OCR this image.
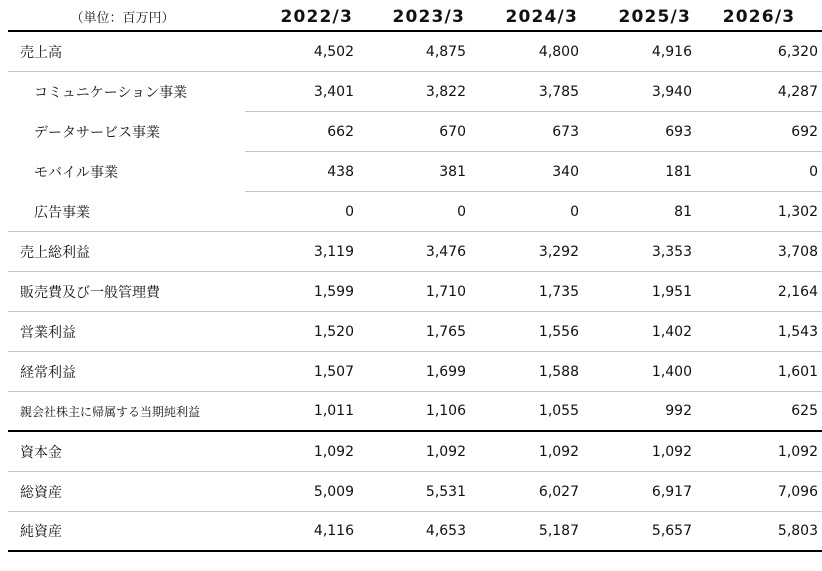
（単位：百万円）	2022/3	2023/3	2024/3	2025/3	2026/3
売上高	4,502	4,875	4,800	4,916	6,320
コミュニケーション事業	3,401	3,822	3,785	3,940	4,287
データサービス事業	662	670	673	693	692
モバイル事業	438	381	340	181	0
広告事業	0	0	0	81	1,302
売上総利益	3,119	3,476	3,292	3,353	3,708
販売費及び一般管理費	1,599	1,710	1,735	1,951	2,164
営業利益	1,520	1,765	1,556	1,402	1,543
経常利益	1,507	1,699	1,588	1,400	1,601
親会社株主に帰属する当期純利益	1,011	1,106	1,055	992	625
資本金	1,092	1,092	1,092	1,092	1,092
総資産	5,009	5,531	6,027	6,917	7,096
純資産	4,116	4,653	5,187	5,657	5,803
